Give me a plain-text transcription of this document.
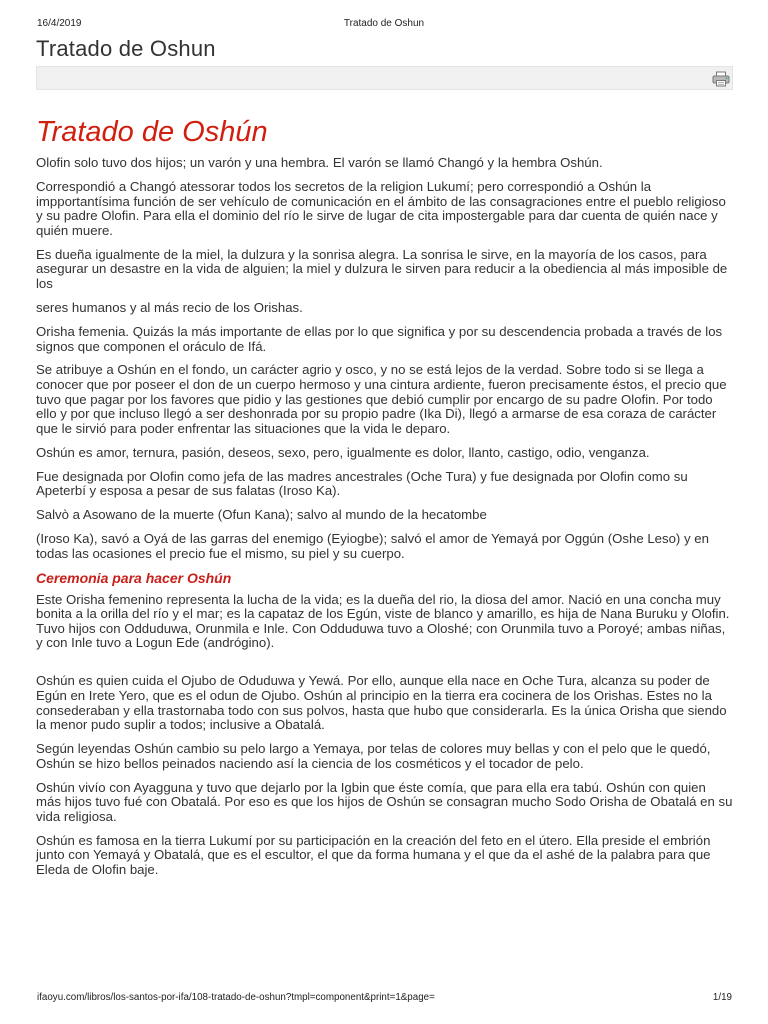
16/4/2019	Tratado de Oshun
Tratado de Oshun
Tratado de Oshún

Olofin solo tuvo dos hijos; un varón y una hembra. El varón se llamó Changó y la hembra Oshún.

Correspondió a Changó atessorar todos los secretos de la religion Lukumí; pero correspondió a Oshún la impportantísima función de ser vehículo de comunicación en el ámbito de las consagraciones entre el pueblo religioso y su padre Olofin. Para ella el dominio del río le sirve de lugar de cita impostergable para dar cuenta de quién nace y quién muere.

Es dueña igualmente de la miel, la dulzura y la sonrisa alegra. La sonrisa le sirve, en la mayoría de los casos, para asegurar un desastre en la vida de alguien; la miel y dulzura le sirven para reducir a la obediencia al más imposible de los

seres humanos y al más recio de los Orishas.

Orisha femenia. Quizás la más importante de ellas por lo que significa y por su descendencia probada a través de los signos que componen el oráculo de Ifá.

Se atribuye a Oshún en el fondo, un carácter agrio y osco, y no se está lejos de la verdad. Sobre todo si se llega a conocer que por poseer el don de un cuerpo hermoso y una cintura ardiente, fueron precisamente éstos, el precio que tuvo que pagar por los favores que pidio y las gestiones que debió cumplir por encargo de su padre Olofin. Por todo ello y por que incluso llegó a ser deshonrada por su propio padre (Ika Di), llegó a armarse de esa coraza de carácter que le sirvió para poder enfrentar las situaciones que la vida le deparo.

Oshún es amor, ternura, pasión, deseos, sexo, pero, igualmente es dolor, llanto, castigo, odio, venganza.

Fue designada por Olofin como jefa de las madres ancestrales (Oche Tura) y fue designada por Olofin como su Apeterbí y esposa a pesar de sus falatas (Iroso Ka).

Salvò a Asowano de la muerte (Ofun Kana); salvo al mundo de la hecatombe

(Iroso Ka), savó a Oyá de las garras del enemigo (Eyiogbe); salvó el amor de Yemayá por Oggún (Oshe Leso) y en todas las ocasiones el precio fue el mismo, su piel y su cuerpo.

Ceremonia para hacer Oshún

Este Orisha femenino representa la lucha de la vida; es la dueña del rio, la diosa del amor. Nació en una concha muy bonita a la orilla del río y el mar; es la capataz de los Egún, viste de blanco y amarillo, es hija de Nana Buruku y Olofin. Tuvo hijos con Odduduwa, Orunmila e Inle. Con Odduduwa tuvo a Oloshé; con Orunmila tuvo a Poroyé; ambas niñas, y con Inle tuvo a Logun Ede (andrógino).

Oshún es quien cuida el Ojubo de Oduduwa y Yewá. Por ello, aunque ella nace en Oche Tura, alcanza su poder de Egún en Irete Yero, que es el odun de Ojubo. Oshún al principio en la tierra era cocinera de los Orishas. Estes no la consederaban y ella trastornaba todo con sus polvos, hasta que hubo que considerarla. Es la única Orisha que siendo la menor pudo suplir a todos; inclusive a Obatalá.

Según leyendas Oshún cambio su pelo largo a Yemaya, por telas de colores muy bellas y con el pelo que le quedó, Oshún se hizo bellos peinados naciendo así la ciencia de los cosméticos y el tocador de pelo.

Oshún vivío con Ayagguna y tuvo que dejarlo por la Igbin que éste comía, que para ella era tabú. Oshún con quien más hijos tuvo fué con Obatalá. Por eso es que los hijos de Oshún se consagran mucho Sodo Orisha de Obatalá en su vida religiosa.

Oshún es famosa en la tierra Lukumí por su participación en la creación del feto en el útero. Ella preside el embrión junto con Yemayá y Obatalá, que es el escultor, el que da forma humana y el que da el ashé de la palabra para que Eleda de Olofin baje.

ifaoyu.com/libros/los-santos-por-ifa/108-tratado-de-oshun?tmpl=component&print=1&page=	1/19
